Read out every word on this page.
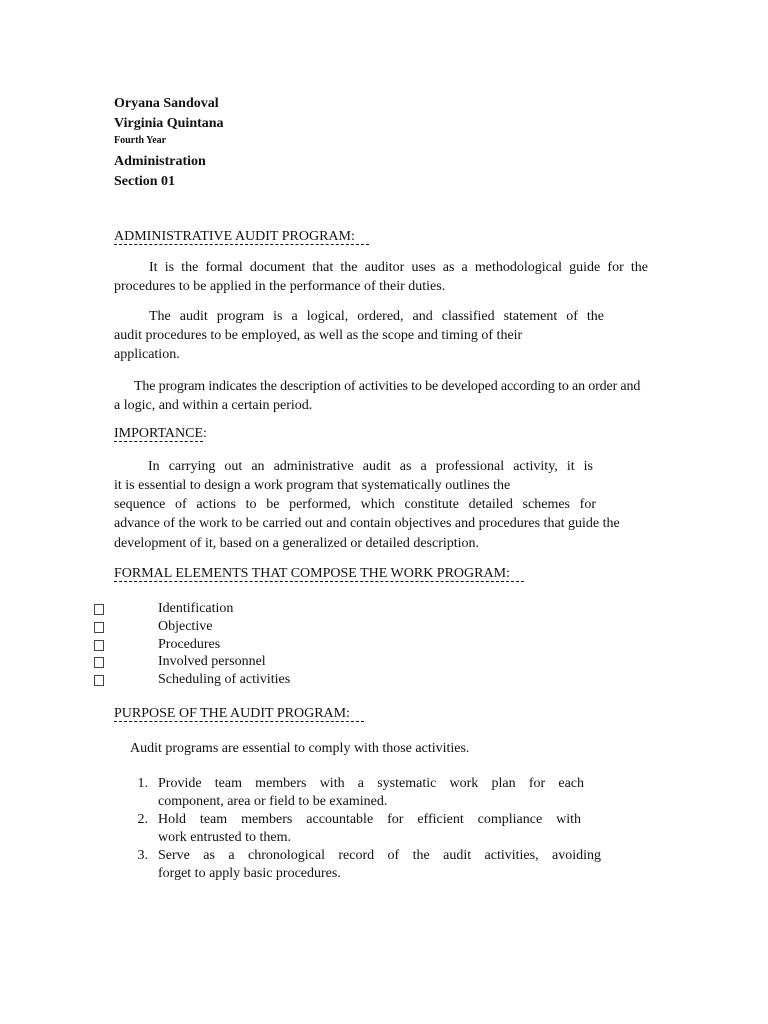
Oryana Sandoval
Virginia Quintana
Fourth Year
Administration
Section 01
ADMINISTRATIVE AUDIT PROGRAM:
It is the formal document that the auditor uses as a methodological guide for the
procedures to be applied in the performance of their duties.
The audit program is a logical, ordered, and classified statement of the
audit procedures to be employed, as well as the scope and timing of their
application.
The program indicates the description of activities to be developed according to an order and
a logic, and within a certain period.
IMPORTANCE:
In carrying out an administrative audit as a professional activity, it is
it is essential to design a work program that systematically outlines the
sequence of actions to be performed, which constitute detailed schemes for
advance of the work to be carried out and contain objectives and procedures that guide the
development of it, based on a generalized or detailed description.
FORMAL ELEMENTS THAT COMPOSE THE WORK PROGRAM:
Identification
Objective
Procedures
Involved personnel
Scheduling of activities
PURPOSE OF THE AUDIT PROGRAM:
Audit programs are essential to comply with those activities.
1. Provide team members with a systematic work plan for each
component, area or field to be examined.
2. Hold team members accountable for efficient compliance with
work entrusted to them.
3. Serve as a chronological record of the audit activities, avoiding
forget to apply basic procedures.
